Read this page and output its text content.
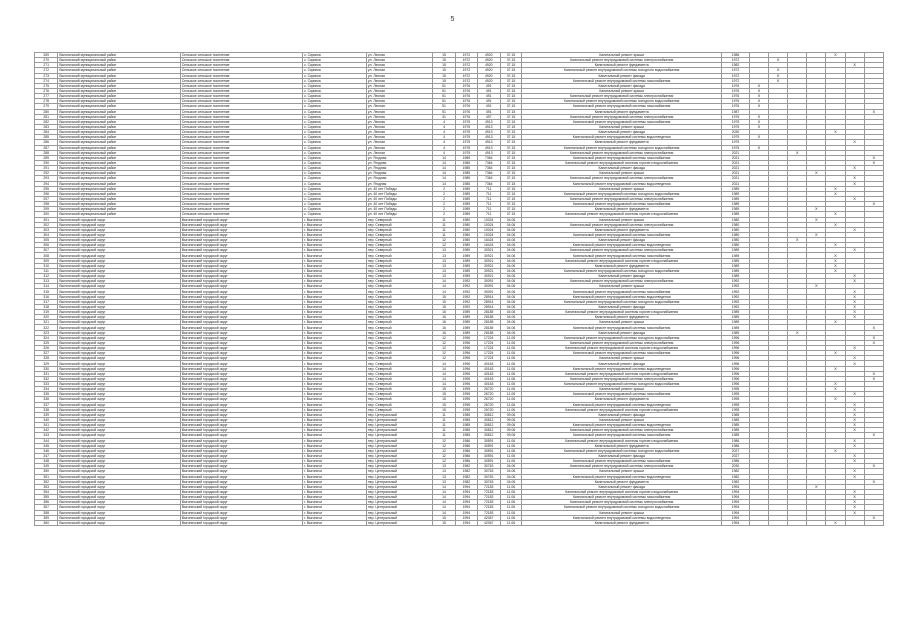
5
269	Выгоничский муниципальный район	Сельское сельское поселение	с. Скрипка	ул. Лесная	15	1972	4920	37.15	Капитальный ремонт крыши	1986					X		
270	Выгоничский муниципальный район	Сельское сельское поселение	с. Скрипка	ул. Лесная	15	1972	4920	37.15	Капитальный ремонт внутридомовой системы электроснабжения	1972		X					
271	Выгоничский муниципальный район	Сельское сельское поселение	с. Скрипка	ул. Лесная	15	1972	4920	37.15	Капитальный ремонт фундамента	1982						X	
272	Выгоничский муниципальный район	Сельское сельское поселение	с. Скрипка	ул. Лесная	15	1972	4920	37.15	Капитальный ремонт внутридомовой системы холодного водоснабжения	1972		X					
273	Выгоничский муниципальный район	Сельское сельское поселение	с. Скрипка	ул. Лесная	15	1972	4920	37.15	Капитальный ремонт фасада	1972		X					
274	Выгоничский муниципальный район	Сельское сельское поселение	с. Скрипка	ул. Лесная	15	1972	4920	37.15	Капитальный ремонт внутридомовой системы газоснабжения	1972		X					
275	Выгоничский муниципальный район	Сельское сельское поселение	с. Скрипка	ул. Лесная	51	1976	491	37.15	Капитальный ремонт фасада	1976	X						
276	Выгоничский муниципальный район	Сельское сельское поселение	с. Скрипка	ул. Лесная	51	1976	491	37.15	Капитальный ремонт крыши	1976	X						
277	Выгоничский муниципальный район	Сельское сельское поселение	с. Скрипка	ул. Лесная	51	1976	491	37.15	Капитальный ремонт внутридомовой системы электроснабжения	1976	X						
278	Выгоничский муниципальный район	Сельское сельское поселение	с. Скрипка	ул. Лесная	51	1976	491	37.15	Капитальный ремонт внутридомовой системы холодного водоснабжения	1976	X						
279	Выгоничский муниципальный район	Сельское сельское поселение	с. Скрипка	ул. Лесная	51	1976	491	37.15	Капитальный ремонт внутридомовой системы газоснабжения	1976	X						
280	Выгоничский муниципальный район	Сельское сельское поселение	с. Скрипка	ул. Лесная	51	1976	491	37.15	Капитальный ремонт фундамента	1987							X
281	Выгоничский муниципальный район	Сельское сельское поселение	с. Скрипка	ул. Лесная	31	1976	497	37.15	Капитальный ремонт внутридомовой системы электроснабжения	1976	X						
282	Выгоничский муниципальный район	Сельское сельское поселение	с. Скрипка	ул. Лесная	4	1975	4913	37.15	Капитальный ремонт внутридомовой системы газоснабжения	1975	X						
283	Выгоничский муниципальный район	Сельское сельское поселение	с. Скрипка	ул. Лесная	4	1975	4913	37.15	Капитальный ремонт крыши	1975	X						
284	Выгоничский муниципальный район	Сельское сельское поселение	с. Скрипка	ул. Лесная	4	1975	4913	37.15	Капитальный ремонт фасада	2030					X		
285	Выгоничский муниципальный район	Сельское сельское поселение	с. Скрипка	ул. Лесная	4	1975	4913	37.15	Капитальный ремонт внутридомовой системы водоотведения	1975	X						
286	Выгоничский муниципальный район	Сельское сельское поселение	с. Скрипка	ул. Лесная	4	1975	4913	37.15	Капитальный ремонт фундамента	1975						X	
287	Выгоничский муниципальный район	Сельское сельское поселение	с. Скрипка	ул. Лесная	4	1975	4913	37.15	Капитальный ремонт внутридомовой системы холодного водоснабжения	1975	X						
288	Выгоничский муниципальный район	Сельское сельское поселение	с. Скрипка	ул. Лесная	4	1975	4913	37.15	Капитальный ремонт внутридомовой системы электроснабжения	2021			X				
289	Выгоничский муниципальный район	Сельское сельское поселение	с. Скрипка	ул. Ягодная	14	1985	7364	37.15	Капитальный ремонт внутридомовой системы газоснабжения	2021							X
290	Выгоничский муниципальный район	Сельское сельское поселение	с. Скрипка	ул. Ягодная	14	1985	7364	37.15	Капитальный ремонт внутридомовой системы горячего водоснабжения	2021							X
291	Выгоничский муниципальный район	Сельское сельское поселение	с. Скрипка	ул. Ягодная	14	1985	7364	37.15	Капитальный ремонт фасада	2021						X	
292	Выгоничский муниципальный район	Сельское сельское поселение	с. Скрипка	ул. Ягодная	14	1985	7364	37.15	Капитальный ремонт крыши	2021				X			
293	Выгоничский муниципальный район	Сельское сельское поселение	с. Скрипка	ул. Ягодная	14	1985	7364	37.15	Капитальный ремонт внутридомовой системы электроснабжения	2021						X	
294	Выгоничский муниципальный район	Сельское сельское поселение	с. Скрипка	ул. Ягодная	14	1985	7364	37.15	Капитальный ремонт внутридомовой системы водоотведения	2021						X	
295	Выгоничский муниципальный район	Сельское сельское поселение	с. Скрипка	ул. 40 лет Победы	2	1989	711	37.15	Капитальный ремонт крыши	1989					X		
296	Выгоничский муниципальный район	Сельское сельское поселение	с. Скрипка	ул. 40 лет Победы	2	1989	711	37.15	Капитальный ремонт внутридомовой системы холодного водоснабжения	1989					X		
297	Выгоничский муниципальный район	Сельское сельское поселение	с. Скрипка	ул. 40 лет Победы	2	1989	711	37.15	Капитальный ремонт внутридомовой системы электроснабжения	1989						X	
298	Выгоничский муниципальный район	Сельское сельское поселение	с. Скрипка	ул. 40 лет Победы	2	1989	711	37.15	Капитальный ремонт внутридомовой системы газоснабжения	1989							X
299	Выгоничский муниципальный район	Сельское сельское поселение	с. Скрипка	ул. 40 лет Победы	2	1989	711	37.15	Капитальный ремонт фундамента	1989				X			
300	Выгоничский муниципальный район	Сельское сельское поселение	с. Скрипка	ул. 40 лет Победы	2	1989	711	37.15	Капитальный ремонт внутридомовой системы горячего водоснабжения	1989					X		
301	Выгоничский городской округ	Выгоничский городской округ	г. Выгоничи	пер. Северный	11	1980	10024	04.06	Капитальный ремонт крыши	1980				X			
302	Выгоничский городской округ	Выгоничский городской округ	г. Выгоничи	пер. Северный	11	1980	10024	04.06	Капитальный ремонт внутридомовой системы электроснабжения	1980					X		
303	Выгоничский городской округ	Выгоничский городской округ	г. Выгоничи	пер. Северный	11	1980	10024	04.06	Капитальный ремонт фундамента	1980						X	
304	Выгоничский городской округ	Выгоничский городской округ	г. Выгоничи	пер. Северный	11	1980	10024	04.06	Капитальный ремонт внутридомовой системы газоснабжения	1980				X			
305	Выгоничский городской округ	Выгоничский городской округ	г. Выгоничи	пер. Северный	12	1980	16424	04.06	Капитальный ремонт фасада	1980			X				
306	Выгоничский городской округ	Выгоничский городской округ	г. Выгоничи	пер. Северный	12	1980	16424	04.06	Капитальный ремонт внутридомовой системы водоотведения	1980					X		
307	Выгоничский городской округ	Выгоничский городской округ	г. Выгоничи	пер. Северный	13	1989	30921	04.06	Капитальный ремонт внутридомовой системы электроснабжения	1989						X	
308	Выгоничский городской округ	Выгоничский городской округ	г. Выгоничи	пер. Северный	13	1989	30921	04.06	Капитальный ремонт внутридомовой системы газоснабжения	1989					X		
309	Выгоничский городской округ	Выгоничский городской округ	г. Выгоничи	пер. Северный	13	1989	30921	04.06	Капитальный ремонт внутридомовой системы горячего водоснабжения	1989					X		
310	Выгоничский городской округ	Выгоничский городской округ	г. Выгоничи	пер. Северный	13	1989	30921	04.06	Капитальный ремонт фундамента	1989					X		
311	Выгоничский городской округ	Выгоничский городской округ	г. Выгоничи	пер. Северный	13	1989	30921	04.06	Капитальный ремонт внутридомовой системы холодного водоснабжения	1989					X		
312	Выгоничский городской округ	Выгоничский городской округ	г. Выгоничи	пер. Северный	13	1989	30921	04.06	Капитальный ремонт фасада	1989						X	
313	Выгоничский городской округ	Выгоничский городской округ	г. Выгоничи	пер. Северный	14	1992	30091	04.06	Капитальный ремонт внутридомовой системы электроснабжения	1992						X	
314	Выгоничский городской округ	Выгоничский городской округ	г. Выгоничи	пер. Северный	14	1992	30091	04.06	Капитальный ремонт крыши	1992				X			
315	Выгоничский городской округ	Выгоничский городской округ	г. Выгоничи	пер. Северный	14	1992	30091	04.06	Капитальный ремонт внутридомовой системы газоснабжения	1992						X	
316	Выгоничский городской округ	Выгоничский городской округ	г. Выгоничи	пер. Северный	15	1992	28914	04.06	Капитальный ремонт внутридомовой системы водоотведения	1992						X	
317	Выгоничский городской округ	Выгоничский городской округ	г. Выгоничи	пер. Северный	15	1992	28914	04.06	Капитальный ремонт внутридомовой системы холодного водоснабжения	1992						X	
318	Выгоничский городской округ	Выгоничский городской округ	г. Выгоничи	пер. Северный	15	1992	28914	04.06	Капитальный ремонт фасада	1992						X	
319	Выгоничский городской округ	Выгоничский городской округ	г. Выгоничи	пер. Северный	16	1989	28185	04.06	Капитальный ремонт внутридомовой системы горячего водоснабжения	1989						X	
320	Выгоничский городской округ	Выгоничский городской округ	г. Выгоничи	пер. Северный	16	1989	28185	04.06	Капитальный ремонт фундамента	1989						X	
321	Выгоничский городской округ	Выгоничский городской округ	г. Выгоничи	пер. Северный	16	1989	28185	04.06	Капитальный ремонт крыши	1989					X		
322	Выгоничский городской округ	Выгоничский городской округ	г. Выгоничи	пер. Северный	16	1989	28185	04.06	Капитальный ремонт внутридомовой системы газоснабжения	1989							X
323	Выгоничский городской округ	Выгоничский городской округ	г. Выгоничи	пер. Северный	16	1989	28185	04.06	Капитальный ремонт фасада	1989			X				
324	Выгоничский городской округ	Выгоничский городской округ	г. Выгоничи	пер. Северный	12	1996	17224	11.06	Капитальный ремонт внутридомовой системы холодного водоснабжения	1996							X
325	Выгоничский городской округ	Выгоничский городской округ	г. Выгоничи	пер. Северный	12	1996	17224	11.06	Капитальный ремонт внутридомовой системы электроснабжения	1996							X
326	Выгоничский городской округ	Выгоничский городской округ	г. Выгоничи	пер. Северный	12	1996	17224	11.06	Капитальный ремонт внутридомовой системы горячего водоснабжения	1996						X	
327	Выгоничский городской округ	Выгоничский городской округ	г. Выгоничи	пер. Северный	12	1996	17224	11.06	Капитальный ремонт внутридомовой системы газоснабжения	1996					X		
328	Выгоничский городской округ	Выгоничский городской округ	г. Выгоничи	пер. Северный	12	1996	17224	11.06	Капитальный ремонт крыши	1996						X	
329	Выгоничский городской округ	Выгоничский городской округ	г. Выгоничи	пер. Северный	14	1996	40163	11.06	Капитальный ремонт фасада	1996						X	
330	Выгоничский городской округ	Выгоничский городской округ	г. Выгоничи	пер. Северный	14	1996	40163	11.06	Капитальный ремонт внутридомовой системы водоотведения	1996					X		
331	Выгоничский городской округ	Выгоничский городской округ	г. Выгоничи	пер. Северный	14	1996	40163	11.06	Капитальный ремонт внутридомовой системы горячего водоснабжения	1996							X
332	Выгоничский городской округ	Выгоничский городской округ	г. Выгоничи	пер. Северный	14	1996	40163	11.06	Капитальный ремонт внутридомовой системы электроснабжения	1996							X
333	Выгоничский городской округ	Выгоничский городской округ	г. Выгоничи	пер. Северный	14	1996	40163	11.06	Капитальный ремонт внутридомовой системы холодного водоснабжения	1996					X		
334	Выгоничский городской округ	Выгоничский городской округ	г. Выгоничи	пер. Северный	15	1995	26720	11.06	Капитальный ремонт крыши	1995					X		
335	Выгоничский городской округ	Выгоничский городской округ	г. Выгоничи	пер. Северный	15	1995	26720	11.06	Капитальный ремонт внутридомовой системы газоснабжения	1995						X	
336	Выгоничский городской округ	Выгоничский городской округ	г. Выгоничи	пер. Северный	15	1995	26720	11.06	Капитальный ремонт фундамента	1995					X		
337	Выгоничский городской округ	Выгоничский городской округ	г. Выгоничи	пер. Северный	15	1995	26720	11.06	Капитальный ремонт внутридомовой системы водоотведения	1995						X	
338	Выгоничский городской округ	Выгоничский городской округ	г. Выгоничи	пер. Северный	15	1995	26720	11.06	Капитальный ремонт внутридомовой системы горячего водоснабжения	1995						X	
339	Выгоничский городской округ	Выгоничский городской округ	г. Выгоничи	пер. Центральный	11	1985	30812	09.06	Капитальный ремонт фасада	1985						X	
340	Выгоничский городской округ	Выгоничский городской округ	г. Выгоничи	пер. Центральный	11	1985	30812	09.06	Капитальный ремонт крыши	1985						X	
341	Выгоничский городской округ	Выгоничский городской округ	г. Выгоничи	пер. Центральный	11	1985	30812	09.06	Капитальный ремонт внутридомовой системы водоотведения	1985						X	
342	Выгоничский городской округ	Выгоничский городской округ	г. Выгоничи	пер. Центральный	11	1985	30812	09.06	Капитальный ремонт внутридомовой системы электроснабжения	1985						X	
343	Выгоничский городской округ	Выгоничский городской округ	г. Выгоничи	пер. Центральный	11	1985	30812	09.06	Капитальный ремонт внутридомовой системы газоснабжения	1985							X
344	Выгоничский городской округ	Выгоничский городской округ	г. Выгоничи	пер. Центральный	12	1986	30591	11.06	Капитальный ремонт внутридомовой системы горячего водоснабжения	1986						X	
345	Выгоничский городской округ	Выгоничский городской округ	г. Выгоничи	пер. Центральный	12	1986	30591	11.06	Капитальный ремонт фундамента	1986						X	
346	Выгоничский городской округ	Выгоничский городской округ	г. Выгоничи	пер. Центральный	12	1986	30591	11.06	Капитальный ремонт внутридомовой системы холодного водоснабжения	2027					X		
347	Выгоничский городской округ	Выгоничский городской округ	г. Выгоничи	пер. Центральный	12	1986	30591	11.06	Капитальный ремонт фасада	2027						X	
348	Выгоничский городской округ	Выгоничский городской округ	г. Выгоничи	пер. Центральный	12	1986	30591	11.06	Капитальный ремонт внутридомовой системы газоснабжения	1986						X	
349	Выгоничский городской округ	Выгоничский городской округ	г. Выгоничи	пер. Центральный	13	1982	30763	04.06	Капитальный ремонт внутридомовой системы электроснабжения	2030							X
350	Выгоничский городской округ	Выгоничский городской округ	г. Выгоничи	пер. Центральный	13	1982	30763	04.06	Капитальный ремонт крыши	1982						X	
351	Выгоничский городской округ	Выгоничский городской округ	г. Выгоничи	пер. Центральный	13	1982	30763	04.06	Капитальный ремонт внутридомовой системы водоотведения	1982						X	
352	Выгоничский городской округ	Выгоничский городской округ	г. Выгоничи	пер. Центральный	13	1982	30763	04.06	Капитальный ремонт фундамента	1982							X
353	Выгоничский городской округ	Выгоничский городской округ	г. Выгоничи	пер. Центральный	14	1994	72183	11.06	Капитальный ремонт фасада	1994				X			
354	Выгоничский городской округ	Выгоничский городской округ	г. Выгоничи	пер. Центральный	14	1994	72183	11.06	Капитальный ремонт внутридомовой системы горячего водоснабжения	1994						X	
355	Выгоничский городской округ	Выгоничский городской округ	г. Выгоничи	пер. Центральный	14	1994	72183	11.06	Капитальный ремонт внутридомовой системы газоснабжения	1994						X	
356	Выгоничский городской округ	Выгоничский городской округ	г. Выгоничи	пер. Центральный	14	1994	72183	11.06	Капитальный ремонт внутридомовой системы электроснабжения	1994						X	
357	Выгоничский городской округ	Выгоничский городской округ	г. Выгоничи	пер. Центральный	14	1994	72183	11.06	Капитальный ремонт внутридомовой системы холодного водоснабжения	1994						X	
358	Выгоничский городской округ	Выгоничский городской округ	г. Выгоничи	пер. Центральный	14	1994	72183	11.06	Капитальный ремонт крыши	1994						X	
359	Выгоничский городской округ	Выгоничский городской округ	г. Выгоничи	пер. Центральный	15	1994	42067	11.06	Капитальный ремонт внутридомовой системы водоотведения	1994							X
360	Выгоничский городской округ	Выгоничский городской округ	г. Выгоничи	пер. Центральный	15	1994	42067	11.06	Капитальный ремонт фундамента	1994					X		
